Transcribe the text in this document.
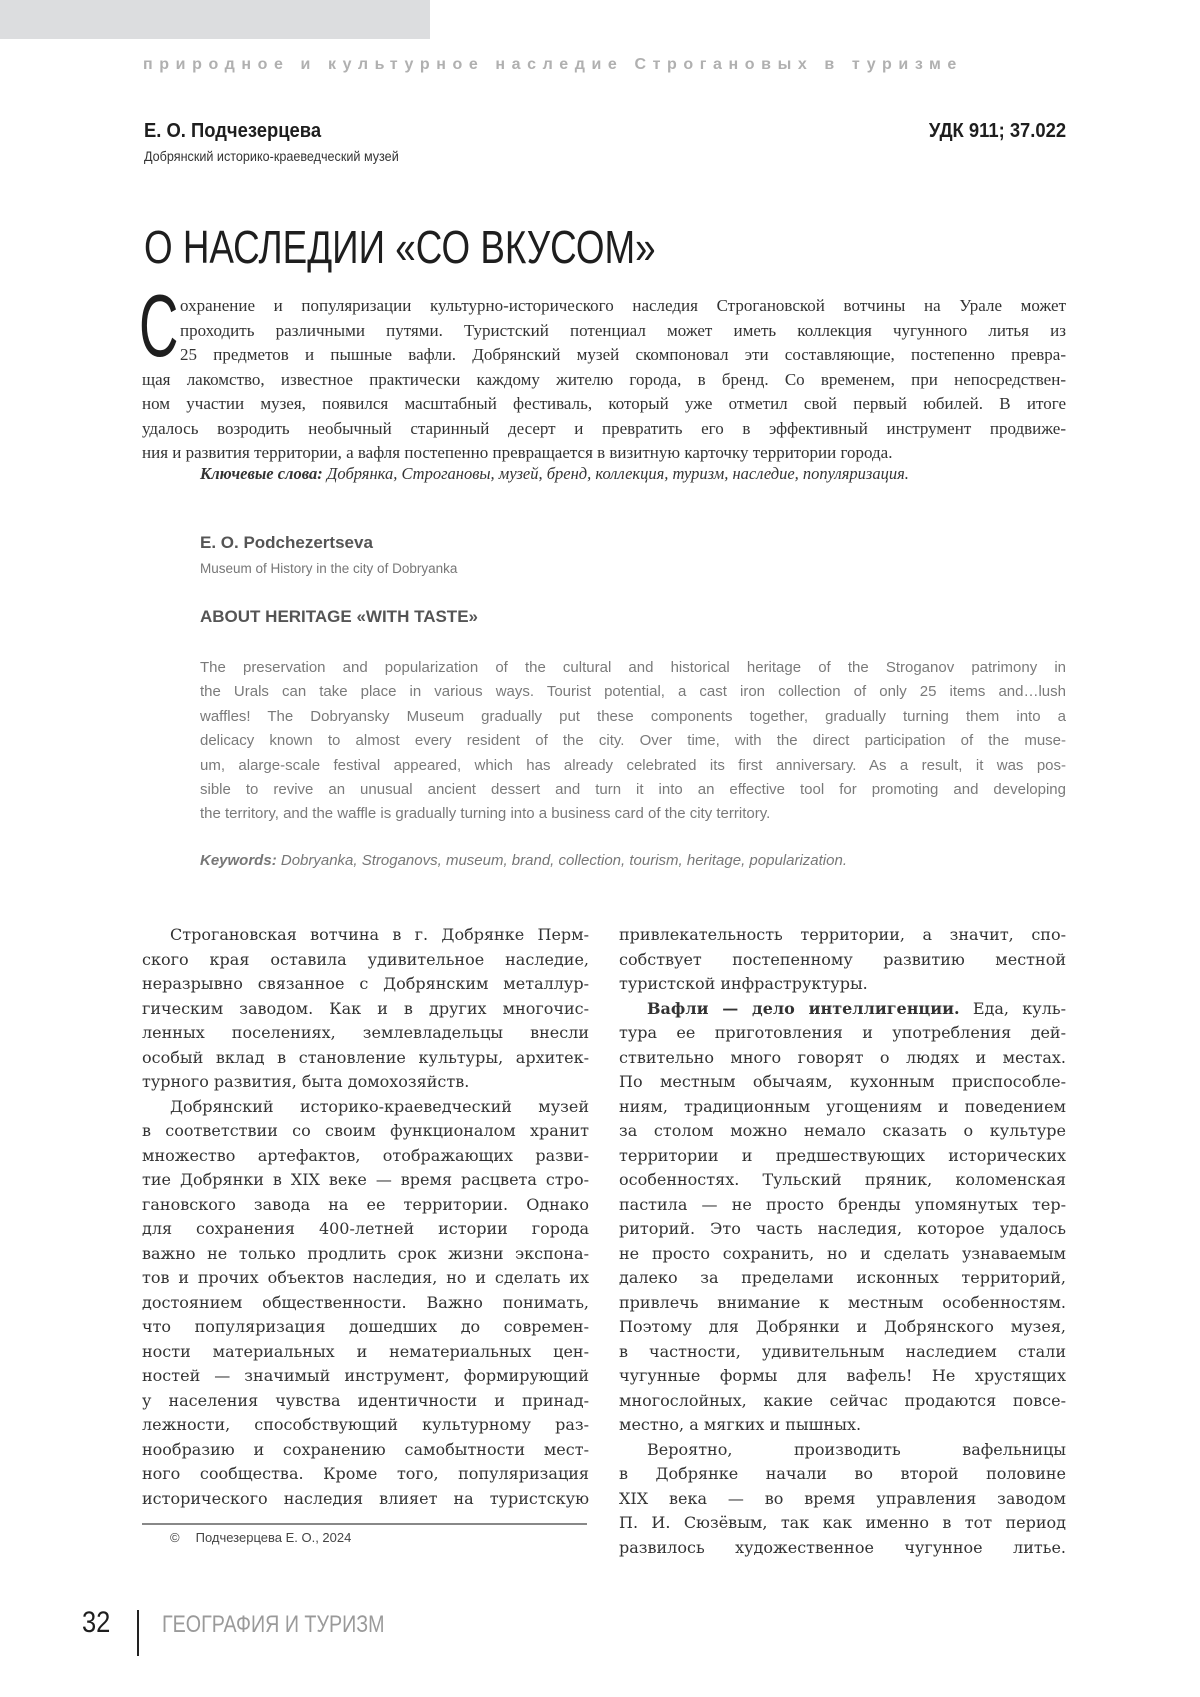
природное и культурное наследие Строгановых в туризме
Е. О. Подчезерцева	УДК 911; 37.022
Добрянский историко-краеведческий музей
О НАСЛЕДИИ «СО ВКУСОМ»
С охранение и популяризации культурно-исторического наследия Строгановской вотчины на Урале может
проходить различными путями. Туристский потенциал может иметь коллекция чугунного литья из
25 предметов и пышные вафли. Добрянский музей скомпоновал эти составляющие, постепенно превра-
щая лакомство, известное практически каждому жителю города, в бренд. Со временем, при непосредствен-
ном участии музея, появился масштабный фестиваль, который уже отметил свой первый юбилей. В итоге
удалось возродить необычный старинный десерт и превратить его в эффективный инструмент продвиже-
ния и развития территории, а вафля постепенно превращается в визитную карточку территории города.
Ключевые слова: Добрянка, Строгановы, музей, бренд, коллекция, туризм, наследие, популяризация.
E. O. Podchezertseva
Museum of History in the city of Dobryanka
ABOUT HERITAGE «WITH TASTE»
The preservation and popularization of the cultural and historical heritage of the Stroganov patrimony in
the Urals can take place in various ways. Tourist potential, a cast iron collection of only 25 items and…lush
waffles! The Dobryansky Museum gradually put these components together, gradually turning them into a
delicacy known to almost every resident of the city. Over time, with the direct participation of the muse-
um, alarge-scale festival appeared, which has already celebrated its first anniversary. As a result, it was pos-
sible to revive an unusual ancient dessert and turn it into an effective tool for promoting and developing
the territory, and the waffle is gradually turning into a business card of the city territory.
Keywords: Dobryanka, Stroganovs, museum, brand, collection, tourism, heritage, popularization.
Строгановская вотчина в г. Добрянке Перм-
ского края оставила удивительное наследие,
неразрывно связанное с Добрянским металлур-
гическим заводом. Как и в других многочис-
ленных поселениях, землевладельцы внесли
особый вклад в становление культуры, архитек-
турного развития, быта домохозяйств.
Добрянский историко-краеведческий музей
в соответствии со своим функционалом хранит
множество артефактов, отображающих разви-
тие Добрянки в XIX веке — время расцвета стро-
гановского завода на ее территории. Однако
для сохранения 400-летней истории города
важно не только продлить срок жизни экспона-
тов и прочих объектов наследия, но и сделать их
достоянием общественности. Важно понимать,
что популяризация дошедших до современ-
ности материальных и нематериальных цен-
ностей — значимый инструмент, формирующий
у населения чувства идентичности и принад-
лежности, способствующий культурному раз-
нообразию и сохранению самобытности мест-
ного сообщества. Кроме того, популяризация
исторического наследия влияет на туристскую
привлекательность территории, а значит, спо-
собствует постепенному развитию местной
туристской инфраструктуры.
Вафли — дело интеллигенции. Еда, куль-
тура ее приготовления и употребления дей-
ствительно много говорят о людях и местах.
По местным обычаям, кухонным приспособле-
ниям, традиционным угощениям и поведением
за столом можно немало сказать о культуре
территории и предшествующих исторических
особенностях. Тульский пряник, коломенская
пастила — не просто бренды упомянутых тер-
риторий. Это часть наследия, которое удалось
не просто сохранить, но и сделать узнаваемым
далеко за пределами исконных территорий,
привлечь внимание к местным особенностям.
Поэтому для Добрянки и Добрянского музея,
в частности, удивительным наследием стали
чугунные формы для вафель! Не хрустящих
многослойных, какие сейчас продаются повсе-
местно, а мягких и пышных.
Вероятно, производить вафельницы
в Добрянке начали во второй половине
XIX века — во время управления заводом
П. И. Сюзёвым, так как именно в тот период
развилось художественное чугунное литье.
© Подчезерцева Е. О., 2024
32 ГЕОГРАФИЯ И ТУРИЗМ
